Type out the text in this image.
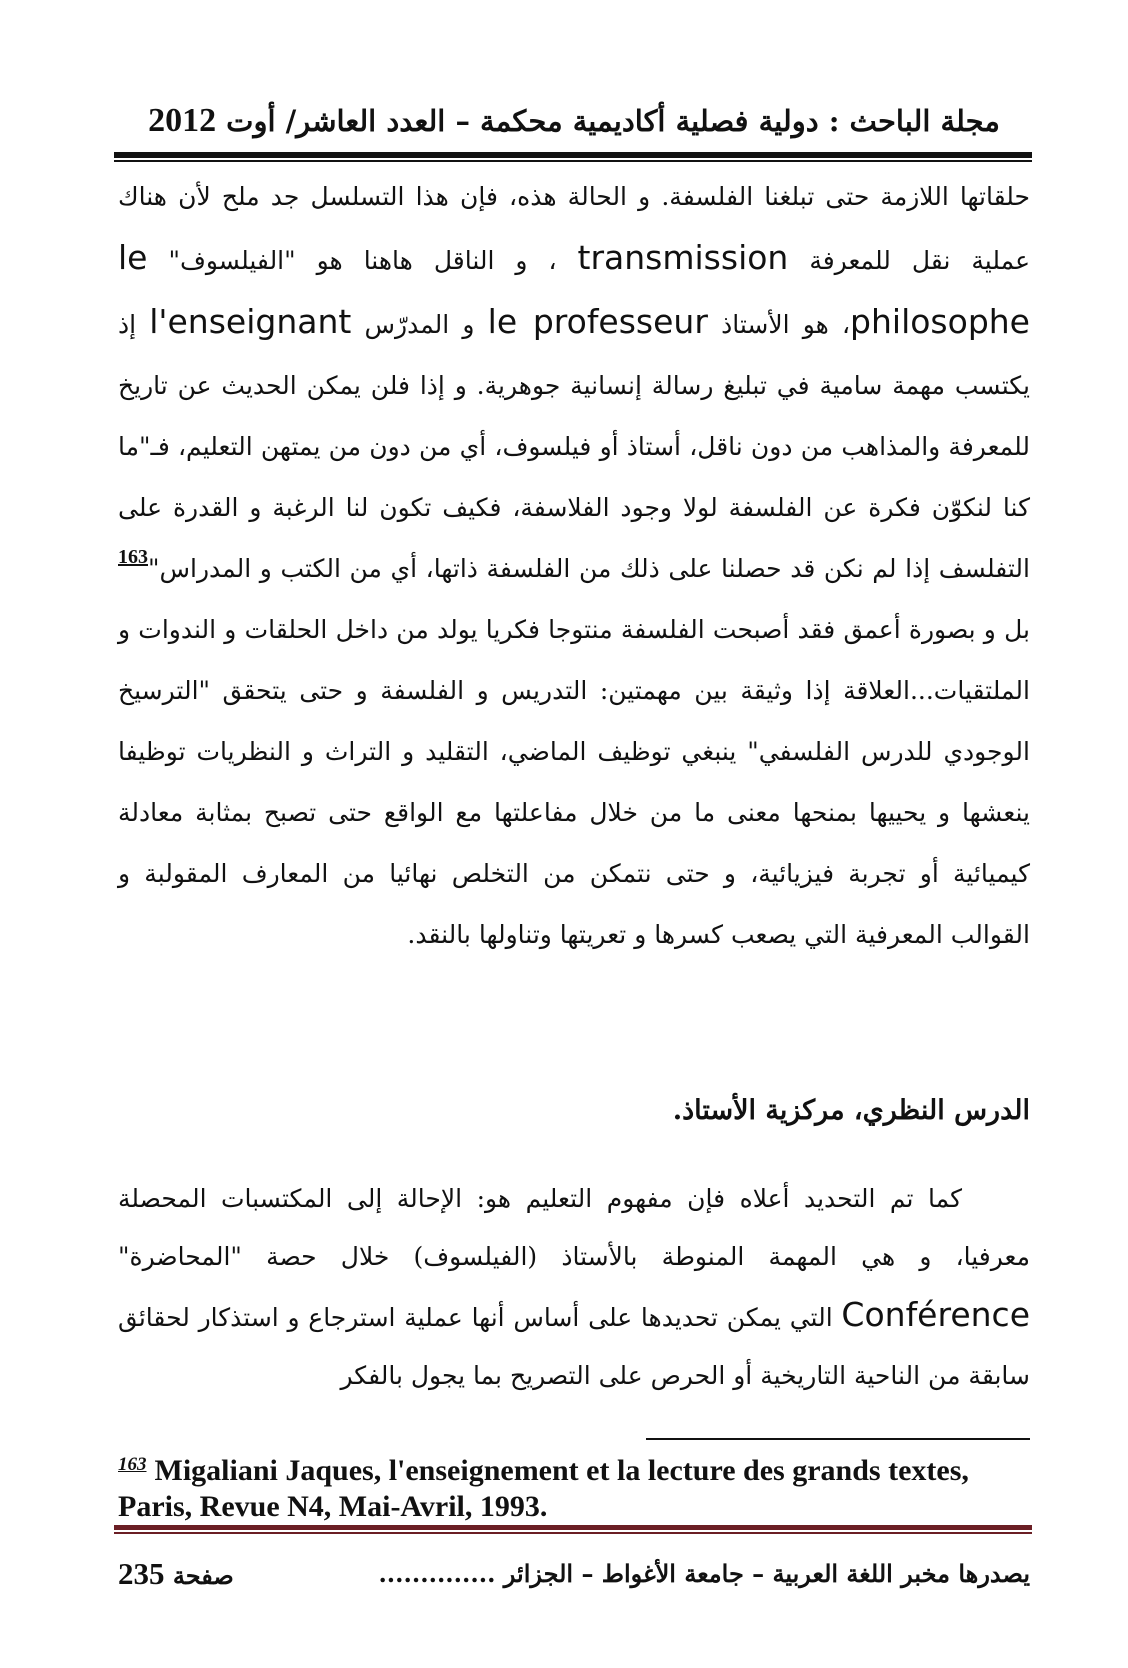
مجلة الباحث : دولية فصلية أكاديمية محكمة – العدد العاشر/ أوت 2012

حلقاتها اللازمة حتى تبلغنا الفلسفة. و الحالة هذه، فإن هذا التسلسل جد ملح لأن هناك عملية نقل للمعرفة transmission ، و الناقل هاهنا هو "الفيلسوف" le philosophe، هو الأستاذ le professeur و المدرّس l'enseignant إذ يكتسب مهمة سامية في تبليغ رسالة إنسانية جوهرية. و إذا فلن يمكن الحديث عن تاريخ للمعرفة والمذاهب من دون ناقل، أستاذ أو فيلسوف، أي من دون من يمتهن التعليم، فـ"ما كنا لنكوّن فكرة عن الفلسفة لولا وجود الفلاسفة، فكيف تكون لنا الرغبة و القدرة على التفلسف إذا لم نكن قد حصلنا على ذلك من الفلسفة ذاتها، أي من الكتب و المدراس"$^{163}$ بل و بصورة أعمق فقد أصبحت الفلسفة منتوجا فكريا يولد من داخل الحلقات و الندوات و الملتقيات...العلاقة إذا وثيقة بين مهمتين: التدريس و الفلسفة و حتى يتحقق "الترسيخ الوجودي للدرس الفلسفي" ينبغي توظيف الماضي، التقليد و التراث و النظريات توظيفا ينعشها و يحييها بمنحها معنى ما من خلال مفاعلتها مع الواقع حتى تصبح بمثابة معادلة كيميائية أو تجربة فيزيائية، و حتى نتمكن من التخلص نهائيا من المعارف المقولبة و القوالب المعرفية التي يصعب كسرها و تعريتها وتناولها بالنقد.

الدرس النظري، مركزية الأستاذ.

كما تم التحديد أعلاه فإن مفهوم التعليم هو: الإحالة إلى المكتسبات المحصلة معرفيا، و هي المهمة المنوطة بالأستاذ (الفيلسوف) خلال حصة "المحاضرة" Conférence التي يمكن تحديدها على أساس أنها عملية استرجاع و استذكار لحقائق سابقة من الناحية التاريخية أو الحرص على التصريح بما يجول بالفكر

$^{163}$ Migaliani Jaques, l'enseignement et la lecture des grands textes, Paris, Revue N4, Mai-Avril, 1993.
يصدرها مخبر اللغة العربية – جامعة الأغواط – الجزائر ..............
صفحة 235
